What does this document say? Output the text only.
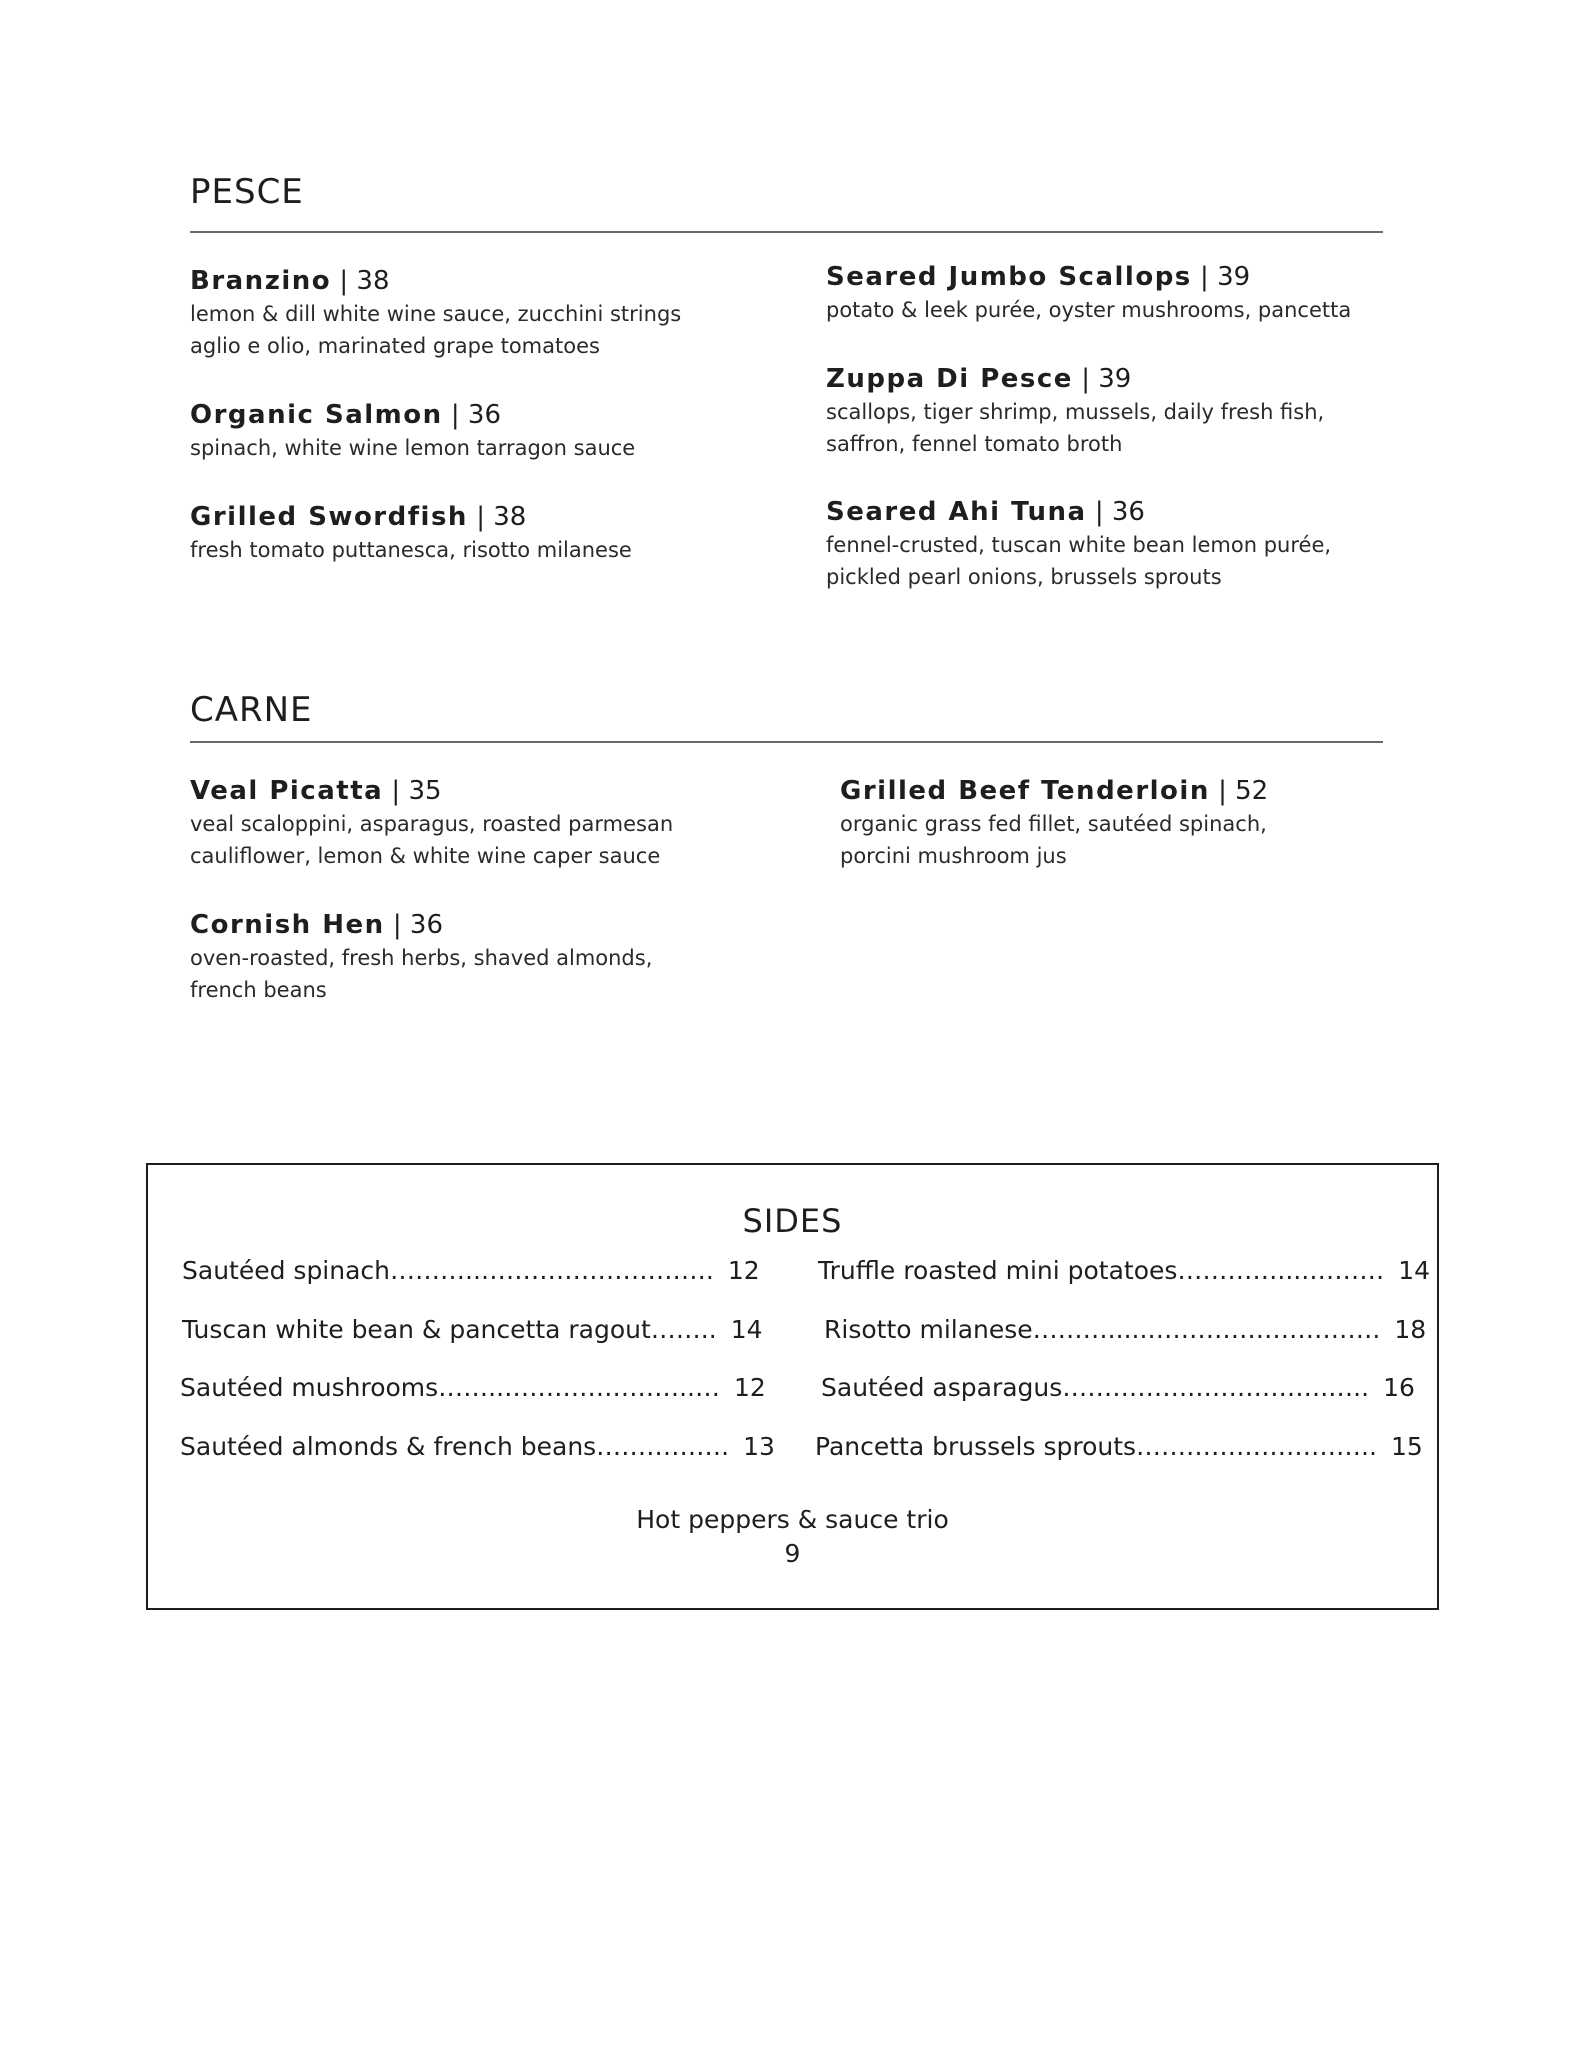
PESCE
Branzino | 38
lemon & dill white wine sauce, zucchini strings
aglio e olio, marinated grape tomatoes
Organic Salmon | 36
spinach, white wine lemon tarragon sauce
Grilled Swordfish | 38
fresh tomato puttanesca, risotto milanese
Seared Jumbo Scallops | 39
potato & leek purée, oyster mushrooms, pancetta
Zuppa Di Pesce | 39
scallops, tiger shrimp, mussels, daily fresh fish,
saffron, fennel tomato broth
Seared Ahi Tuna | 36
fennel-crusted, tuscan white bean lemon purée,
pickled pearl onions, brussels sprouts
CARNE
Veal Picatta | 35
veal scaloppini, asparagus, roasted parmesan
cauliflower, lemon & white wine caper sauce
Cornish Hen | 36
oven-roasted, fresh herbs, shaved almonds,
french beans
Grilled Beef Tenderloin | 52
organic grass fed fillet, sautéed spinach,
porcini mushroom jus
SIDES
Sautéed spinach………..………………………. 12
Tuscan white bean & pancetta ragout…….. 14
Sautéed mushrooms……..…………………..… 12
Sautéed almonds & french beans……………. 13
Truffle roasted mini potatoes…………....……… 14
Risotto milanese……….....………………………. 18
Sautéed asparagus…………….…………….….. 16
Pancetta brussels sprouts……………………….. 15
Hot peppers & sauce trio
9
